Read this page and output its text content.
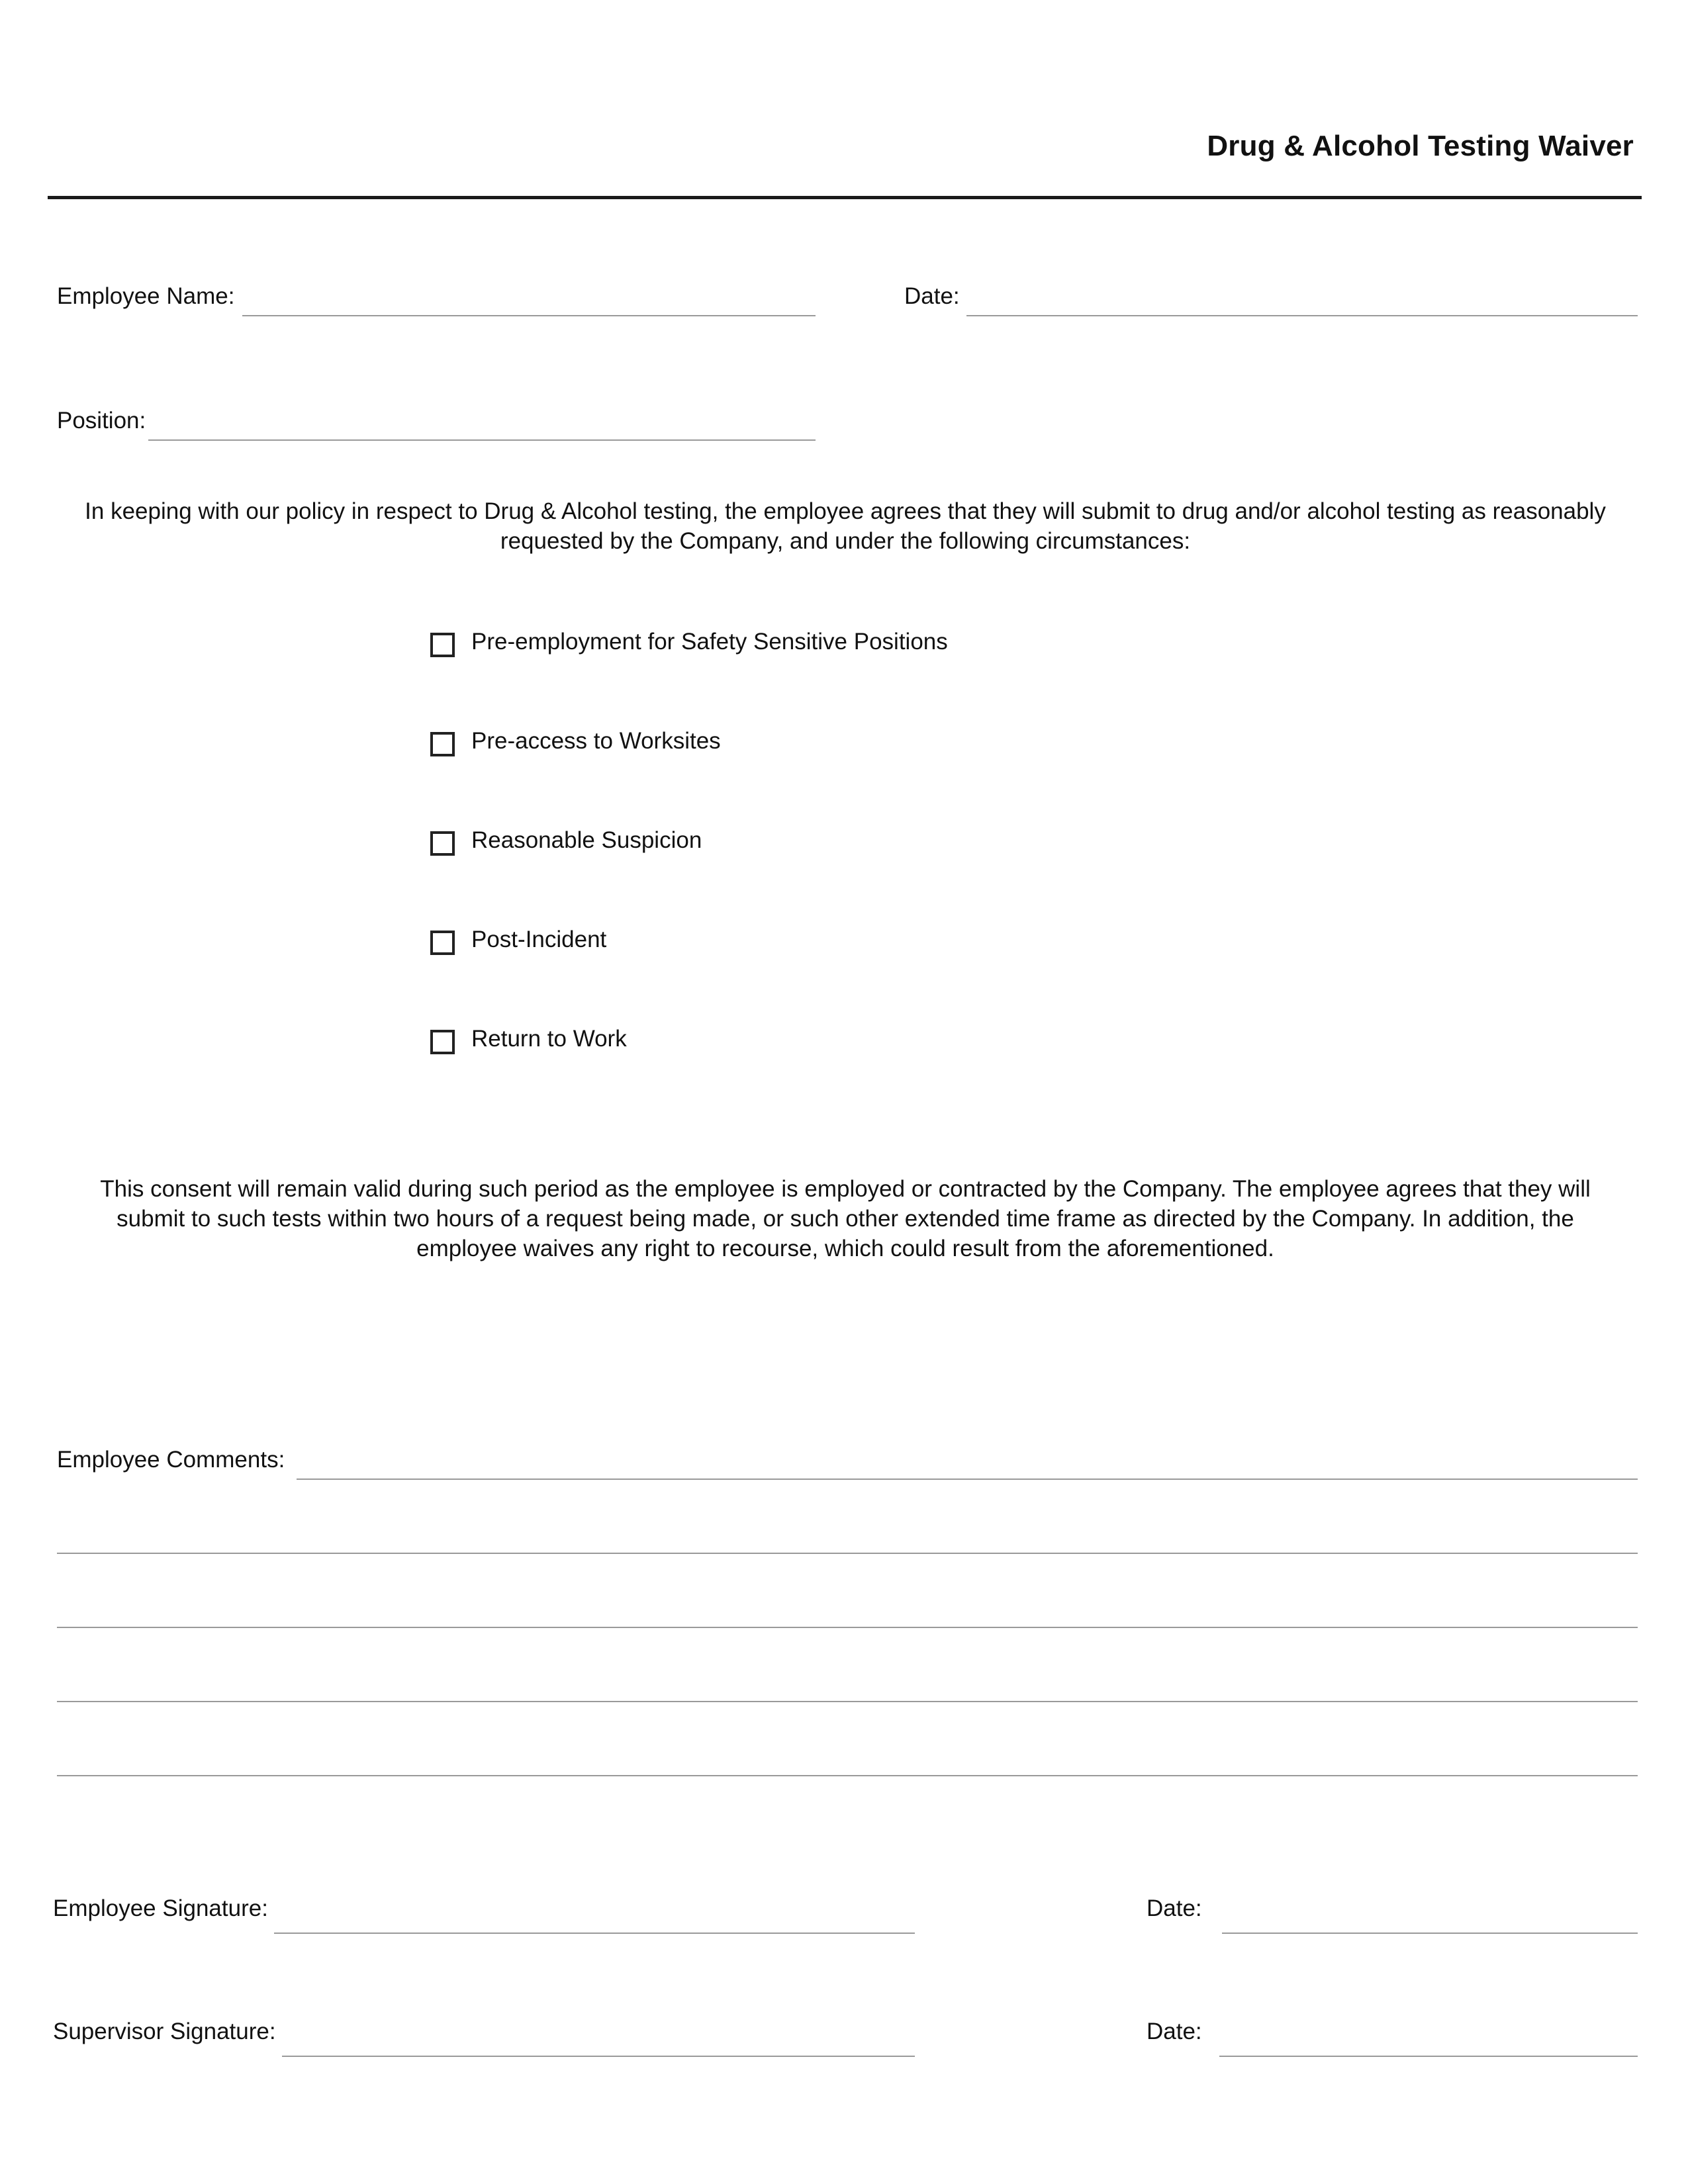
Drug & Alcohol Testing Waiver
Employee Name:	Date:
Position:
In keeping with our policy in respect to Drug & Alcohol testing, the employee agrees that they will submit to drug and/or alcohol testing as reasonably requested by the Company, and under the following circumstances:
Pre-employment for Safety Sensitive Positions
Pre-access to Worksites
Reasonable Suspicion
Post-Incident
Return to Work
This consent will remain valid during such period as the employee is employed or contracted by the Company. The employee agrees that they will submit to such tests within two hours of a request being made, or such other extended time frame as directed by the Company. In addition, the employee waives any right to recourse, which could result from the aforementioned.
Employee Comments:
Employee Signature:	Date:
Supervisor Signature:	Date:
